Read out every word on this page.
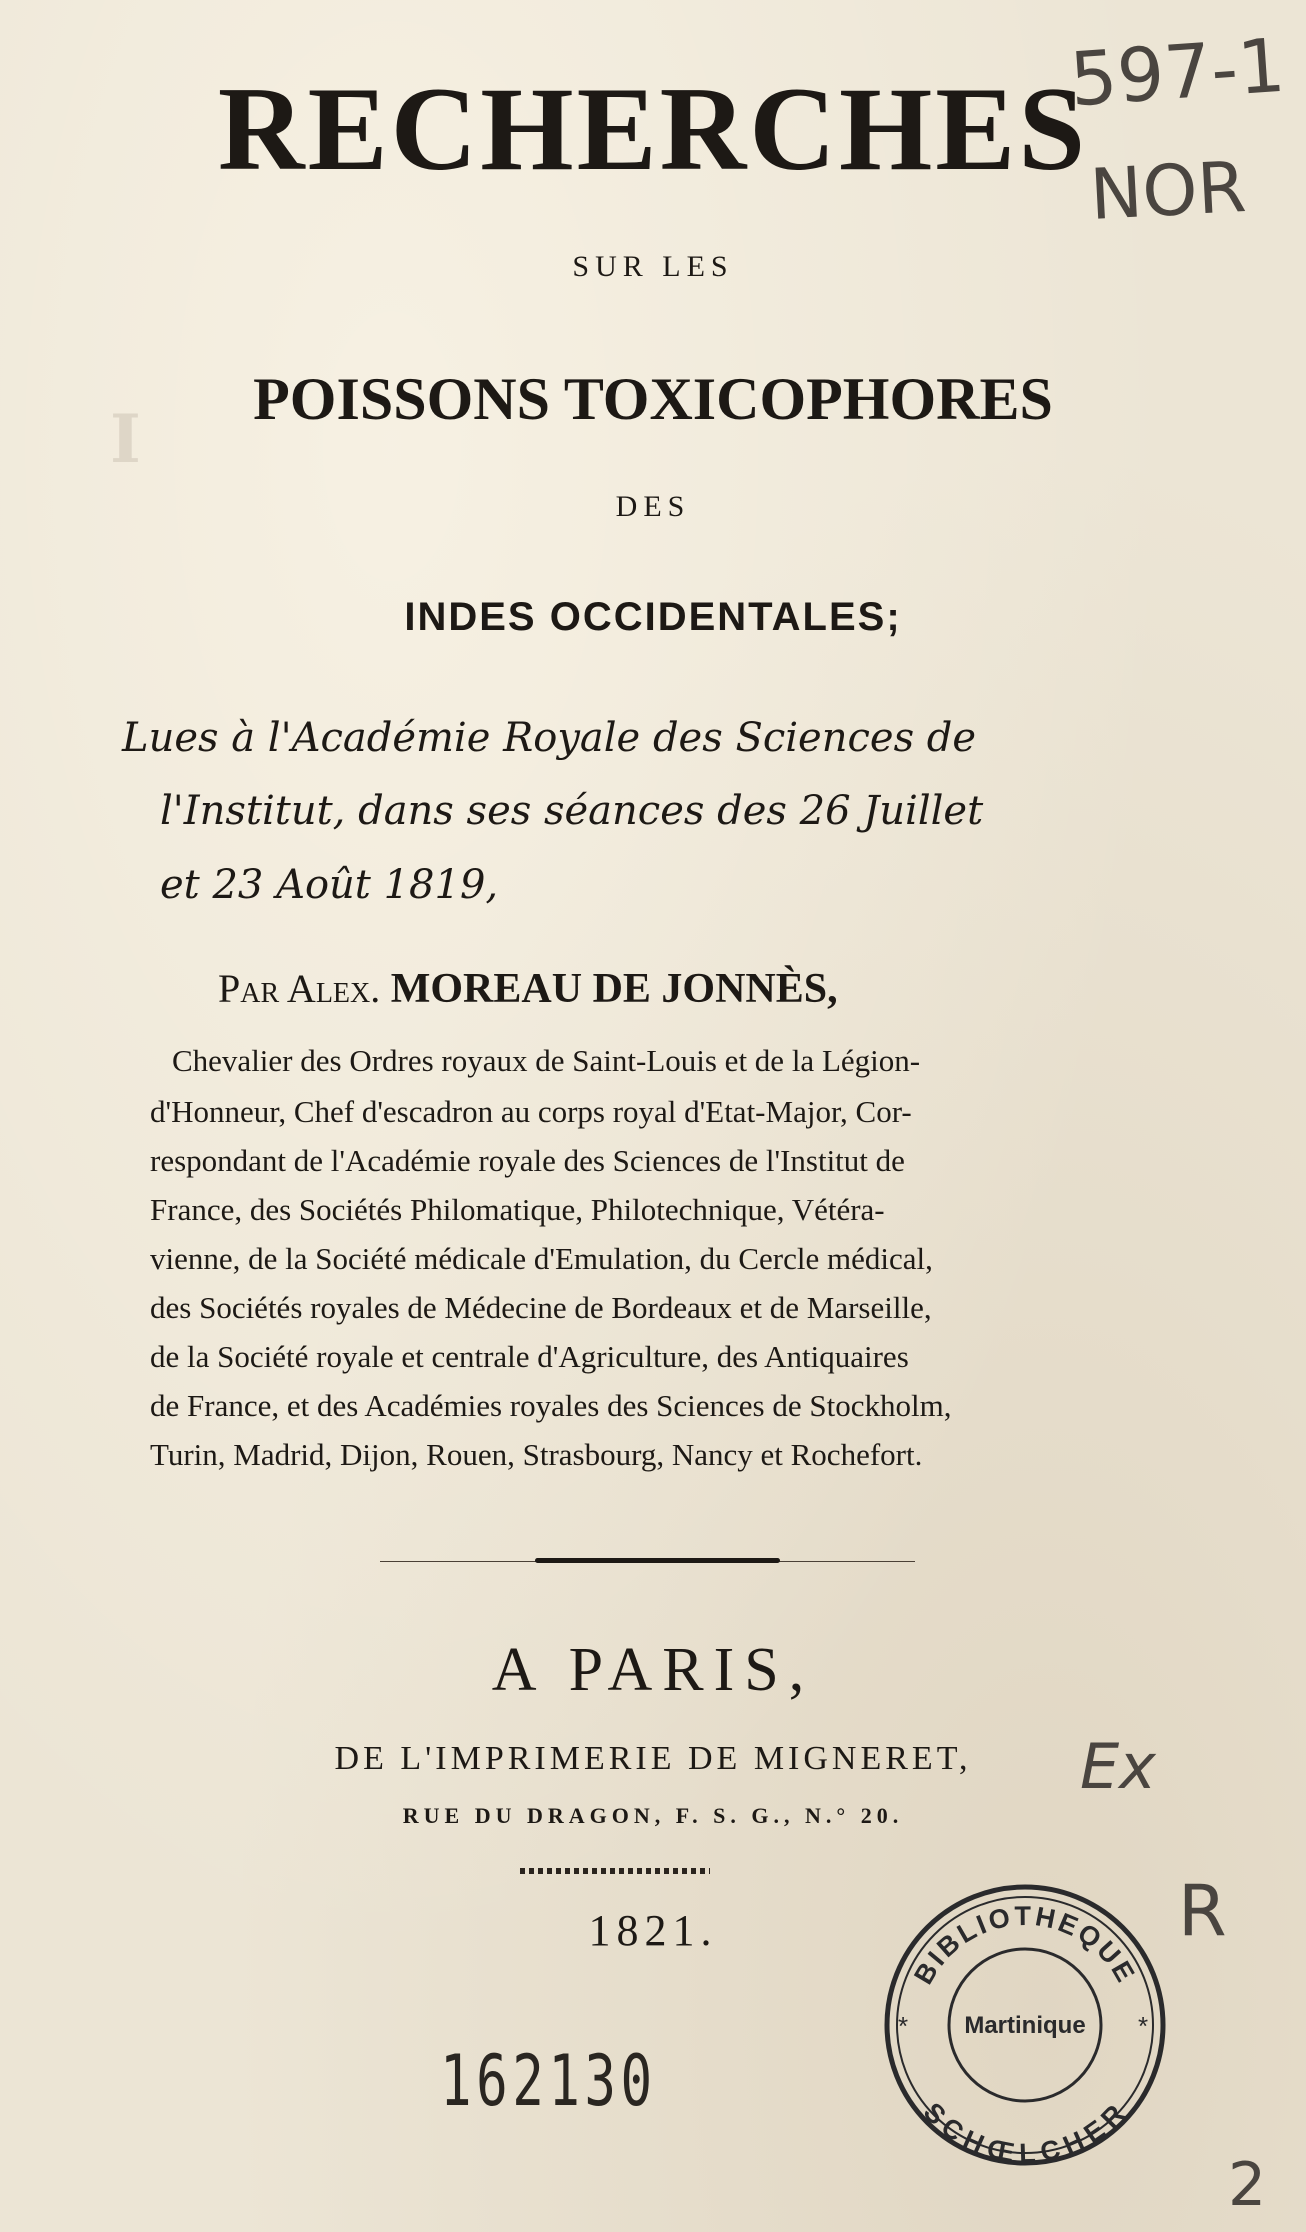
I
RECHERCHES
SUR LES
POISSONS TOXICOPHORES
DES
INDES OCCIDENTALES;
Lues à l'Académie Royale des Sciences de
l'Institut, dans ses séances des 26 Juillet
et 23 Août 1819,
Par Alex. MOREAU DE JONNÈS,
Chevalier des Ordres royaux de Saint-Louis et de la Légion-
d'Honneur, Chef d'escadron au corps royal d'Etat-Major, Cor-
respondant de l'Académie royale des Sciences de l'Institut de
France, des Sociétés Philomatique, Philotechnique, Vétéra-
vienne, de la Société médicale d'Emulation, du Cercle médical,
des Sociétés royales de Médecine de Bordeaux et de Marseille,
de la Société royale et centrale d'Agriculture, des Antiquaires
de France, et des Académies royales des Sciences de Stockholm,
Turin, Madrid, Dijon, Rouen, Strasbourg, Nancy et Rochefort.
A PARIS,
DE L'IMPRIMERIE DE MIGNERET,
RUE DU DRAGON, F. S. G., N.° 20.
1821.
162130
597-1
NOR
Ex
R
2
BIBLIOTHEQUE
SCHŒLCHER
*	*
Martinique
